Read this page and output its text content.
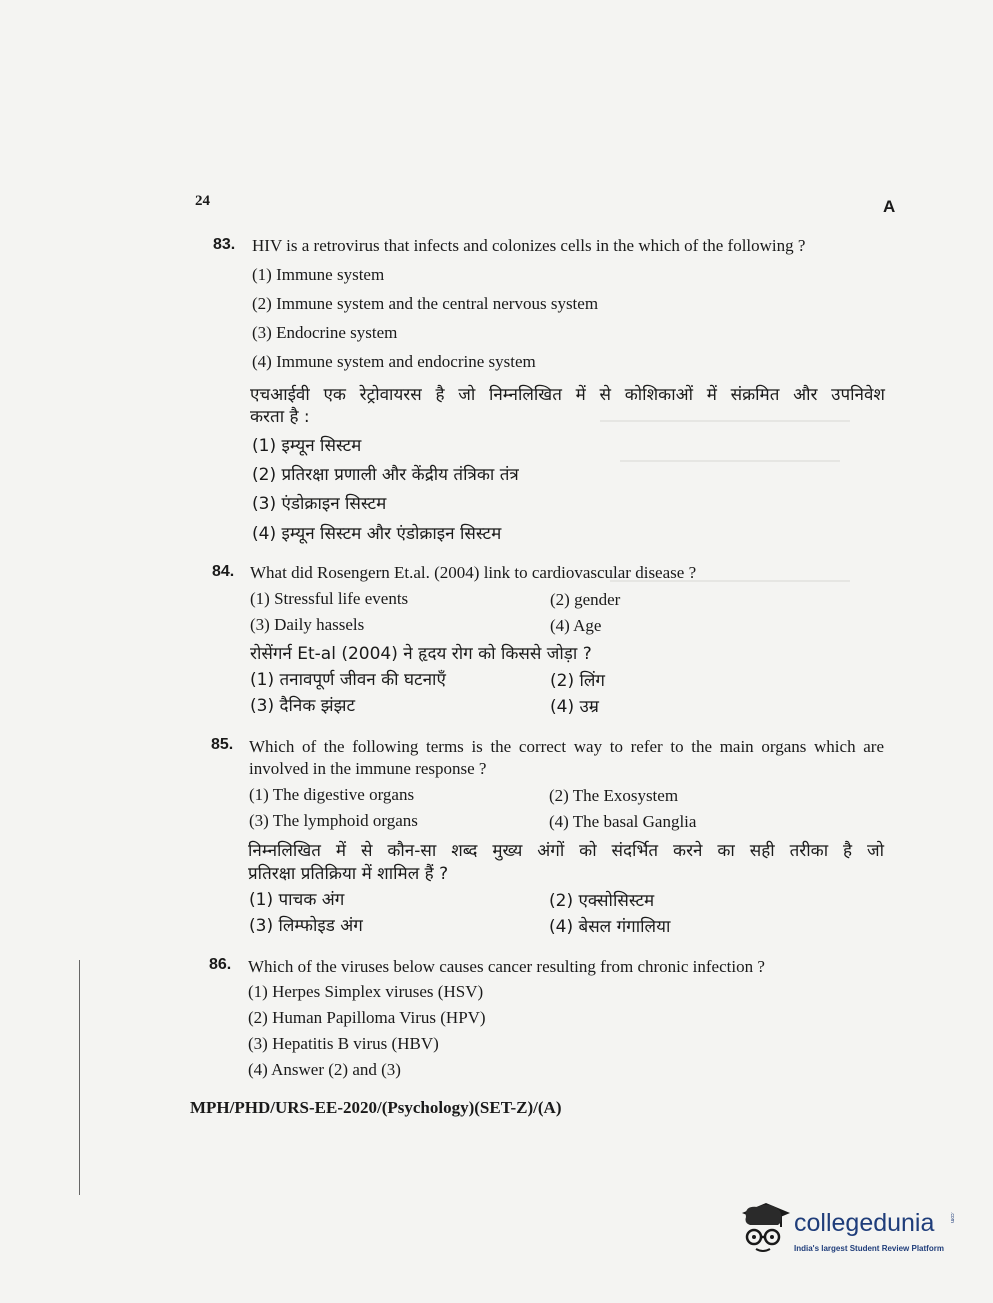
24	A
83. HIV is a retrovirus that infects and colonizes cells in the which of the following ?
(1) Immune system
(2) Immune system and the central nervous system
(3) Endocrine system
(4) Immune system and endocrine system
एचआईवी एक रेट्रोवायरस है जो निम्नलिखित में से कोशिकाओं में संक्रमित और उपनिवेश
करता है :
(1) इम्यून सिस्टम
(2) प्रतिरक्षा प्रणाली और केंद्रीय तंत्रिका तंत्र
(3) एंडोक्राइन सिस्टम
(4) इम्यून सिस्टम और एंडोक्राइन सिस्टम
84. What did Rosengern Et.al. (2004) link to cardiovascular disease ?
(1) Stressful life events	(2) gender
(3) Daily hassels	(4) Age
रोसेंगर्न Et-al (2004) ने हृदय रोग को किससे जोड़ा ?
(1) तनावपूर्ण जीवन की घटनाएँ	(2) लिंग
(3) दैनिक झंझट	(4) उम्र
85. Which of the following terms is the correct way to refer to the main organs which are
involved in the immune response ?
(1) The digestive organs	(2) The Exosystem
(3) The lymphoid organs	(4) The basal Ganglia
निम्नलिखित में से कौन-सा शब्द मुख्य अंगों को संदर्भित करने का सही तरीका है जो
प्रतिरक्षा प्रतिक्रिया में शामिल हैं ?
(1) पाचक अंग	(2) एक्सोसिस्टम
(3) लिम्फोइड अंग	(4) बेसल गंगालिया
86. Which of the viruses below causes cancer resulting from chronic infection ?
(1) Herpes Simplex viruses (HSV)
(2) Human Papilloma Virus (HPV)
(3) Hepatitis B virus (HBV)
(4) Answer (2) and (3)
MPH/PHD/URS-EE-2020/(Psychology)(SET-Z)/(A)
collegedunia	.com
India's largest Student Review Platform
